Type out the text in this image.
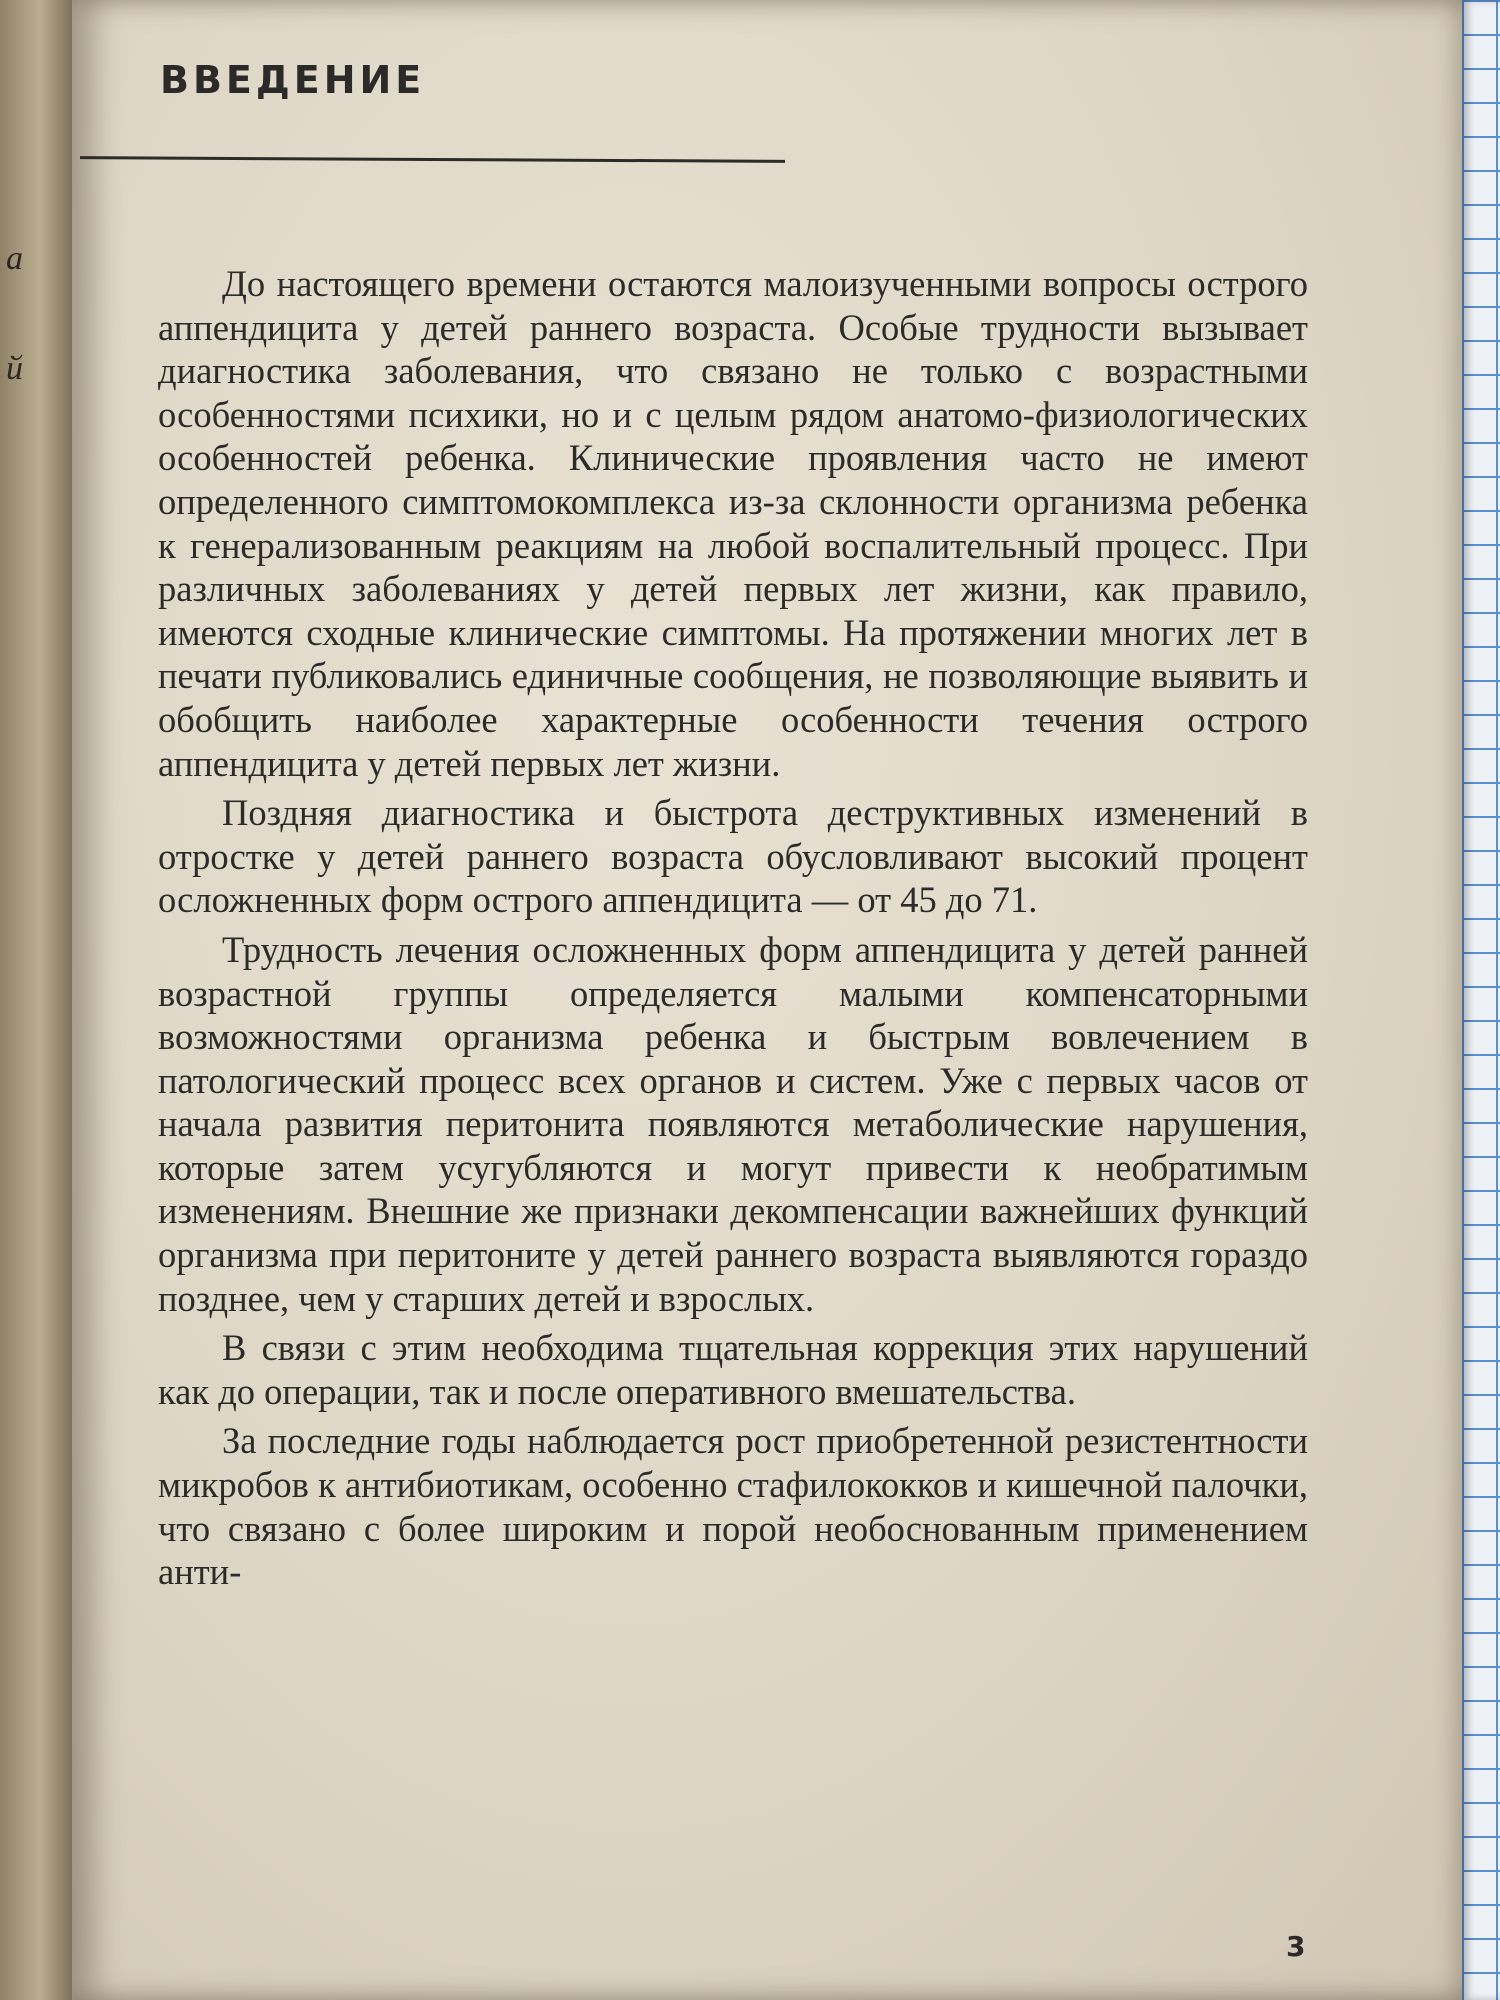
а
й
ВВЕДЕНИЕ

До настоящего времени остаются малоизученными вопросы острого аппендицита у детей раннего возраста. Особые трудности вызывает диагностика заболевания, что связано не только с возрастными особенностями психики, но и с целым рядом анатомо-физиологических особенностей ребенка. Клинические проявления часто не имеют определенного симптомокомплекса из-за склонности организма ребенка к генерализованным реакциям на любой воспалительный процесс. При различных заболеваниях у детей первых лет жизни, как правило, имеются сходные клинические симптомы. На протяжении многих лет в печати публиковались единичные сообщения, не позволяющие выявить и обобщить наиболее характерные особенности течения острого аппендицита у детей первых лет жизни.

Поздняя диагностика и быстрота деструктивных изменений в отростке у детей раннего возраста обусловливают высокий процент осложненных форм острого аппендицита — от 45 до 71.

Трудность лечения осложненных форм аппендицита у детей ранней возрастной группы определяется малыми компенсаторными возможностями организма ребенка и быстрым вовлечением в патологический процесс всех органов и систем. Уже с первых часов от начала развития перитонита появляются метаболические нарушения, которые затем усугубляются и могут привести к необратимым изменениям. Внешние же признаки декомпенсации важнейших функций организма при перитоните у детей раннего возраста выявляются гораздо позднее, чем у старших детей и взрослых.

В связи с этим необходима тщательная коррекция этих нарушений как до операции, так и после оперативного вмешательства.

За последние годы наблюдается рост приобретенной резистентности микробов к антибиотикам, особенно стафилококков и кишечной палочки, что связано с более широким и порой необоснованным применением анти-

3
